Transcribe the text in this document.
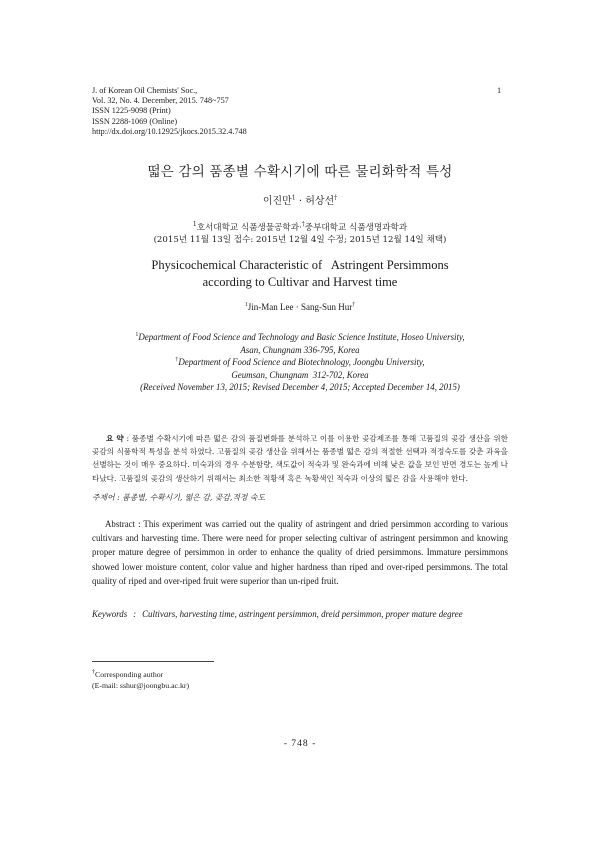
J. of Korean Oil Chemists' Soc.,
Vol. 32, No. 4. December, 2015. 748~757
ISSN 1225-9098 (Print)
ISSN 2288-1069 (Online)
http://dx.doi.org/10.12925/jkocs.2015.32.4.748
1
떫은 감의 품종별 수확시기에 따른 물리화학적 특성
이진만$^1$ · 허상선†
$^1$호서대학교 식품생물공학과·†중부대학교 식품생명과학과
(2015년 11월 13일 접수: 2015년 12월 4일 수정; 2015년 12월 14일 채택)
Physicochemical Characteristic of   Astringent Persimmons
according to Cultivar and Harvest time
$^1$Jin-Man Lee · Sang-Sun Hur†
$^1$Department of Food Science and Technology and Basic Science Institute, Hoseo University,
Asan, Chungnam 336-795, Korea
†Department of Food Science and Biotechnology, Joongbu University,
Geumsan, Chungnam  312-702, Korea
(Received November 13, 2015; Revised December 4, 2015; Accepted December 14, 2015)
요 약 : 품종별 수확시기에 따른 떫은 감의 품질변화를 분석하고 이를 이용한 곶감제조를 통해 고품질의 곶감 생산을 위한 곶감의 식품학적 특성을 분석 하였다. 고품질의 곶감 생산을 위해서는 품종별 떫은 감의 적절한 선택과 적정숙도를 갖춘 과육을 선별하는 것이 매우 중요하다. 미숙과의 경우 수분함량, 색도값이 적숙과 및 완숙과에 비해 낮은 값을 보인 반면 경도는 높게 나타났다. 고품질의 곶감의 생산하기 위해서는 최소한 적황색 혹은 녹황색인 적숙과 이상의 떫은 감을 사용해야 한다.
주제어 : 품종별, 수확시기, 떫은 감, 곶감,적정 숙도
Abstract : This experiment was carried out the quality of astringent and dried persimmon according to various cultivars and harvesting time. There were need for proper selecting cultivar of astringent persimmon and knowing proper mature degree of persimmon in order to enhance the quality of dried persimmons. Immature persimmons showed lower moisture content, color value and higher hardness than riped and over-riped persimmons. The total quality of riped and over-riped fruit were superior than un-riped fruit.
Keywords : Cultivars, harvesting time, astringent persimmon, dreid persimmon, proper mature degree
†Corresponding author
(E-mail: sshur@joongbu.ac.kr)
- 748 -
